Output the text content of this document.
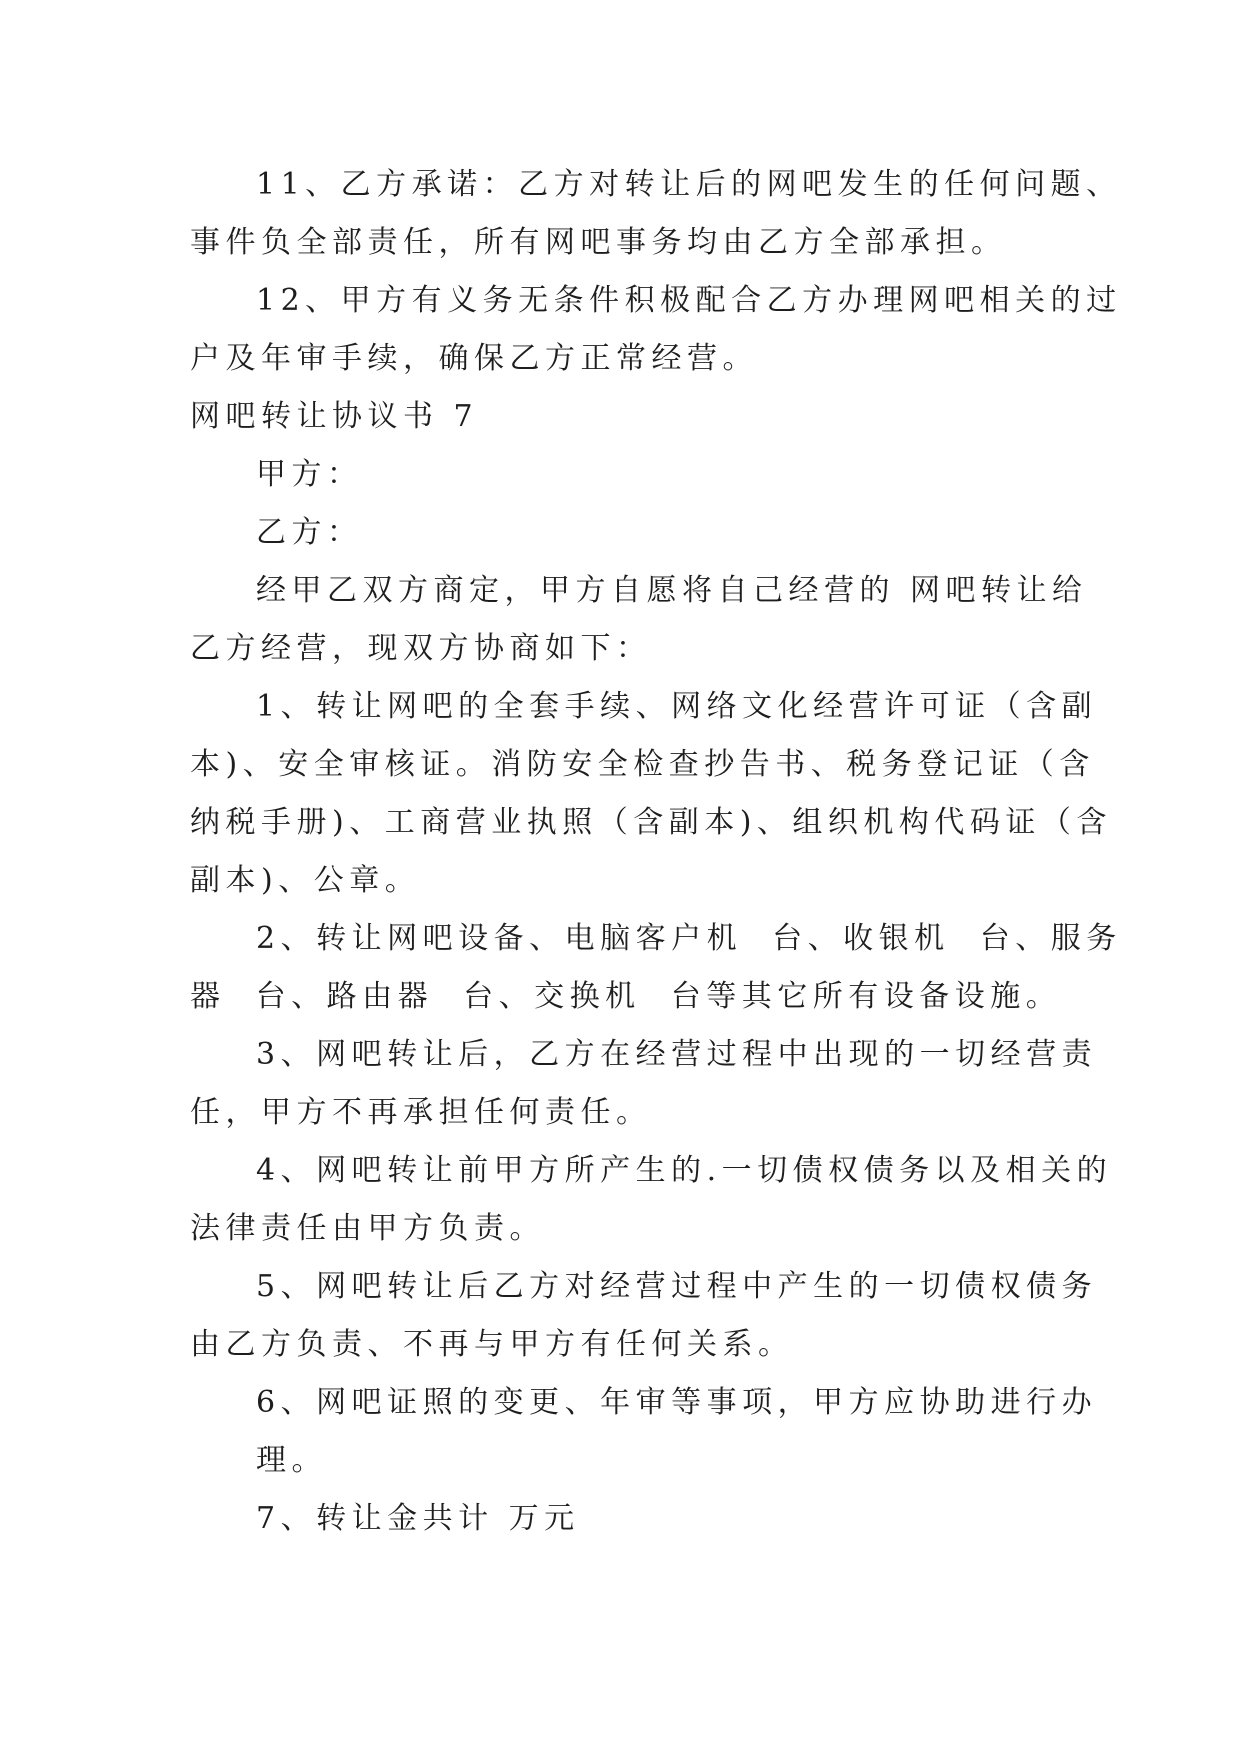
11、乙方承诺：乙方对转让后的网吧发生的任何问题、

事件负全部责任，所有网吧事务均由乙方全部承担。

12、甲方有义务无条件积极配合乙方办理网吧相关的过

户及年审手续，确保乙方正常经营。

网吧转让协议书 7

甲方：

乙方：

经甲乙双方商定，甲方自愿将自己经营的 网吧转让给

乙方经营，现双方协商如下：

1、转让网吧的全套手续、网络文化经营许可证（含副

本)、安全审核证。消防安全检查抄告书、税务登记证（含

纳税手册)、工商营业执照（含副本)、组织机构代码证（含

副本)、公章。

2、转让网吧设备、电脑客户机  台、收银机  台、服务

器  台、路由器  台、交换机  台等其它所有设备设施。

3、网吧转让后，乙方在经营过程中出现的一切经营责

任，甲方不再承担任何责任。

4、网吧转让前甲方所产生的.一切债权债务以及相关的

法律责任由甲方负责。

5、网吧转让后乙方对经营过程中产生的一切债权债务

由乙方负责、不再与甲方有任何关系。

6、网吧证照的变更、年审等事项，甲方应协助进行办

理。

7、转让金共计 万元
